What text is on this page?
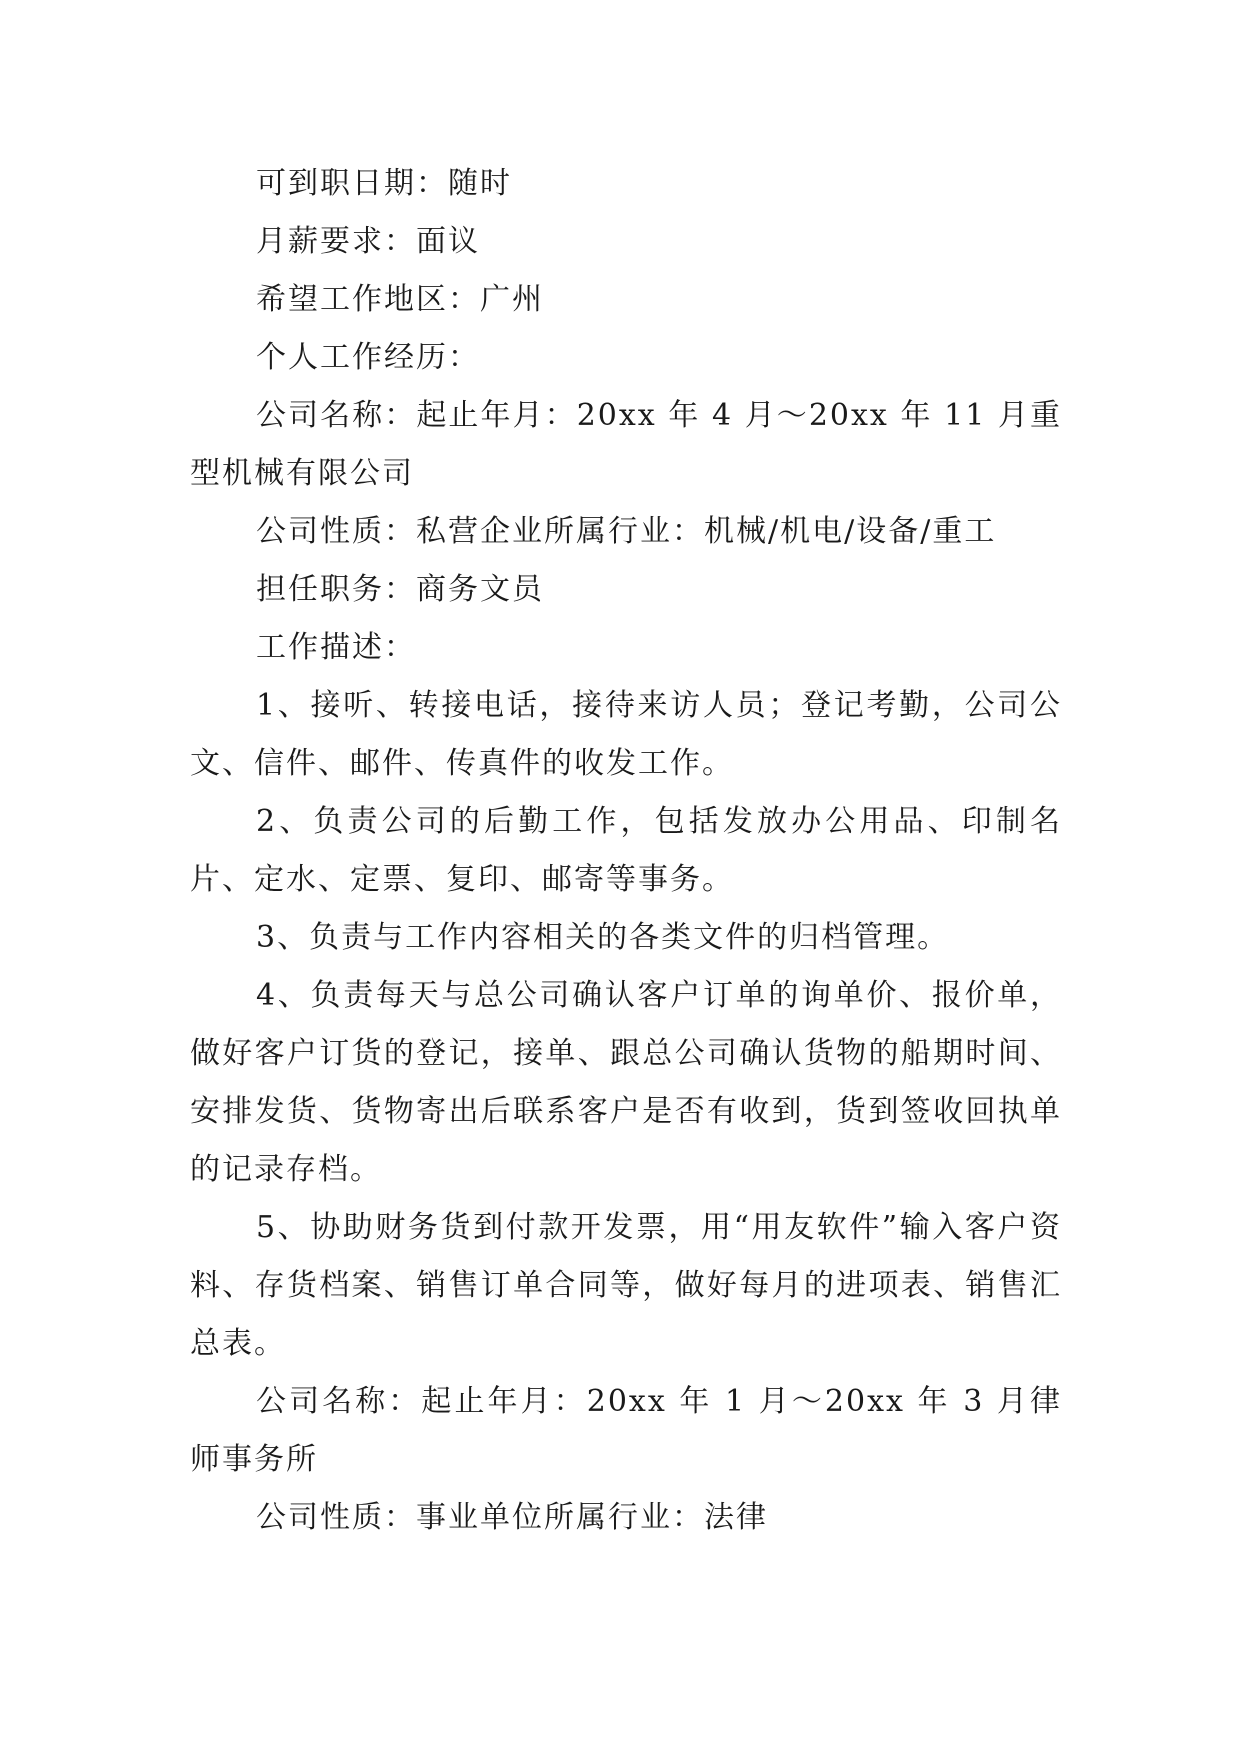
可到职日期：随时

月薪要求：面议

希望工作地区：广州

个人工作经历：

公司名称：起止年月：20xx 年 4 月～20xx 年 11 月重型机械有限公司

公司性质：私营企业所属行业：机械/机电/设备/重工

担任职务：商务文员

工作描述：

1、接听、转接电话，接待来访人员；登记考勤，公司公文、信件、邮件、传真件的收发工作。

2、负责公司的后勤工作，包括发放办公用品、印制名片、定水、定票、复印、邮寄等事务。

3、负责与工作内容相关的各类文件的归档管理。

4、负责每天与总公司确认客户订单的询单价、报价单，做好客户订货的登记，接单、跟总公司确认货物的船期时间、安排发货、货物寄出后联系客户是否有收到，货到签收回执单的记录存档。

5、协助财务货到付款开发票，用“用友软件”输入客户资料、存货档案、销售订单合同等，做好每月的进项表、销售汇总表。

公司名称：起止年月：20xx 年 1 月～20xx 年 3 月律师事务所

公司性质：事业单位所属行业：法律
